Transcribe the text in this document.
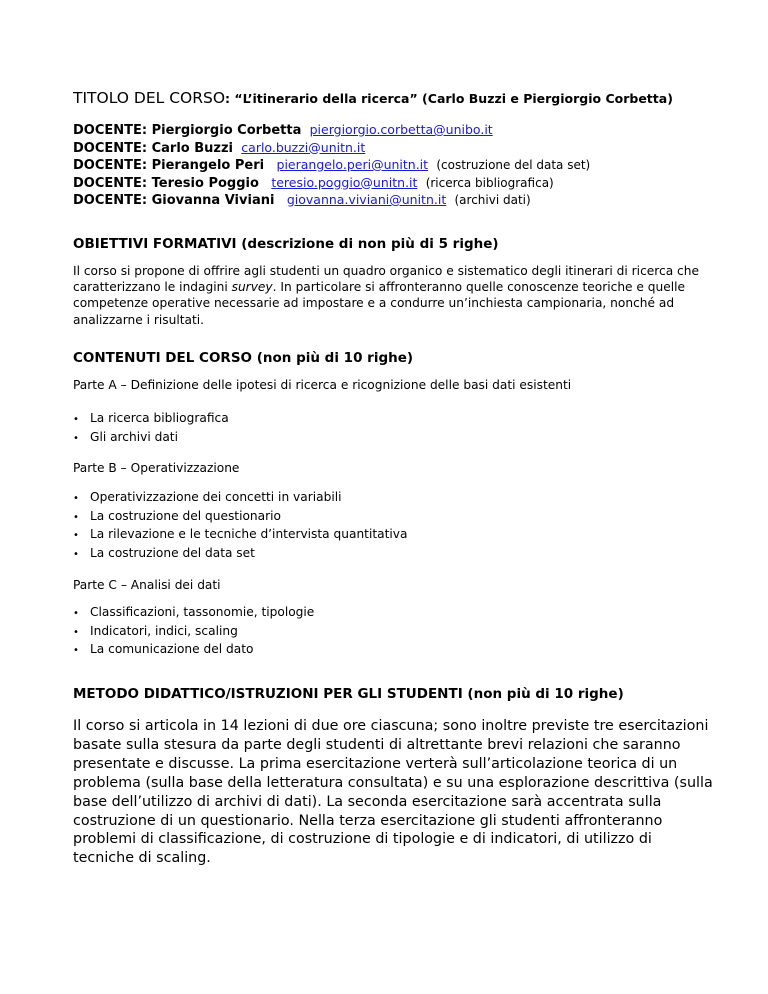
TITOLO DEL CORSO: “L’itinerario della ricerca” (Carlo Buzzi e Piergiorgio Corbetta)
DOCENTE: Piergiorgio Corbetta piergiorgio.corbetta@unibo.it
DOCENTE: Carlo Buzzi carlo.buzzi@unitn.it
DOCENTE: Pierangelo Peri pierangelo.peri@unitn.it (costruzione del data set)
DOCENTE: Teresio Poggio teresio.poggio@unitn.it (ricerca bibliografica)
DOCENTE: Giovanna Viviani giovanna.viviani@unitn.it (archivi dati)
OBIETTIVI FORMATIVI (descrizione di non più di 5 righe)
Il corso si propone di offrire agli studenti un quadro organico e sistematico degli itinerari di ricerca che caratterizzano le indagini survey. In particolare si affronteranno quelle conoscenze teoriche e quelle competenze operative necessarie ad impostare e a condurre un’inchiesta campionaria, nonché ad analizzarne i risultati.
CONTENUTI DEL CORSO (non più di 10 righe)
Parte A – Definizione delle ipotesi di ricerca e ricognizione delle basi dati esistenti
• La ricerca bibliografica
• Gli archivi dati
Parte B – Operativizzazione
• Operativizzazione dei concetti in variabili
• La costruzione del questionario
• La rilevazione e le tecniche d’intervista quantitativa
• La costruzione del data set
Parte C – Analisi dei dati
• Classificazioni, tassonomie, tipologie
• Indicatori, indici, scaling
• La comunicazione del dato
METODO DIDATTICO/ISTRUZIONI PER GLI STUDENTI (non più di 10 righe)
Il corso si articola in 14 lezioni di due ore ciascuna; sono inoltre previste tre esercitazioni basate sulla stesura da parte degli studenti di altrettante brevi relazioni che saranno presentate e discusse. La prima esercitazione verterà sull’articolazione teorica di un problema (sulla base della letteratura consultata) e su una esplorazione descrittiva (sulla base dell’utilizzo di archivi di dati). La seconda esercitazione sarà accentrata sulla costruzione di un questionario. Nella terza esercitazione gli studenti affronteranno problemi di classificazione, di costruzione di tipologie e di indicatori, di utilizzo di tecniche di scaling.
